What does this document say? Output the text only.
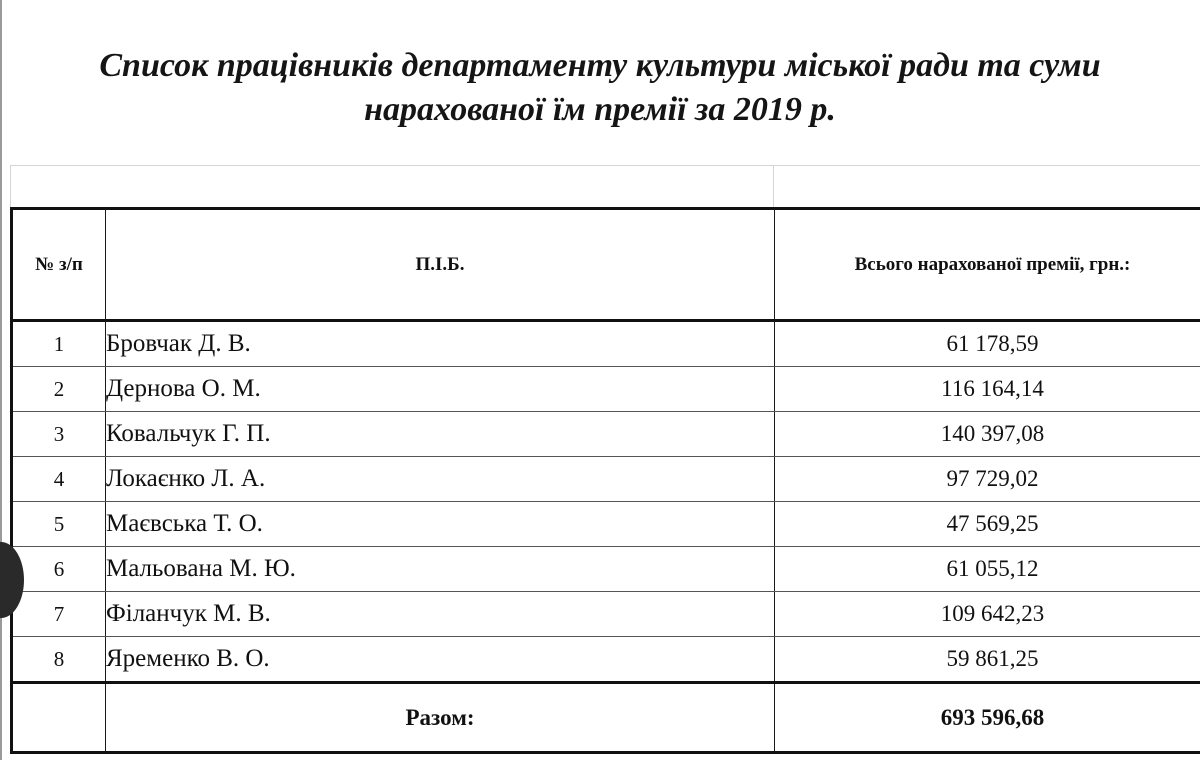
Список працівників департаменту культури міської ради та суми
нарахованої їм премії за 2019 р.
№ з/п	П.І.Б.	Всього нарахованої премії, грн.:
1	Бровчак Д. В.	61 178,59
2	Дернова О. М.	116 164,14
3	Ковальчук Г. П.	140 397,08
4	Локаєнко Л. А.	97 729,02
5	Маєвська Т. О.	47 569,25
6	Мальована М. Ю.	61 055,12
7	Філанчук М. В.	109 642,23
8	Яременко В. О.	59 861,25
	Разом:	693 596,68
